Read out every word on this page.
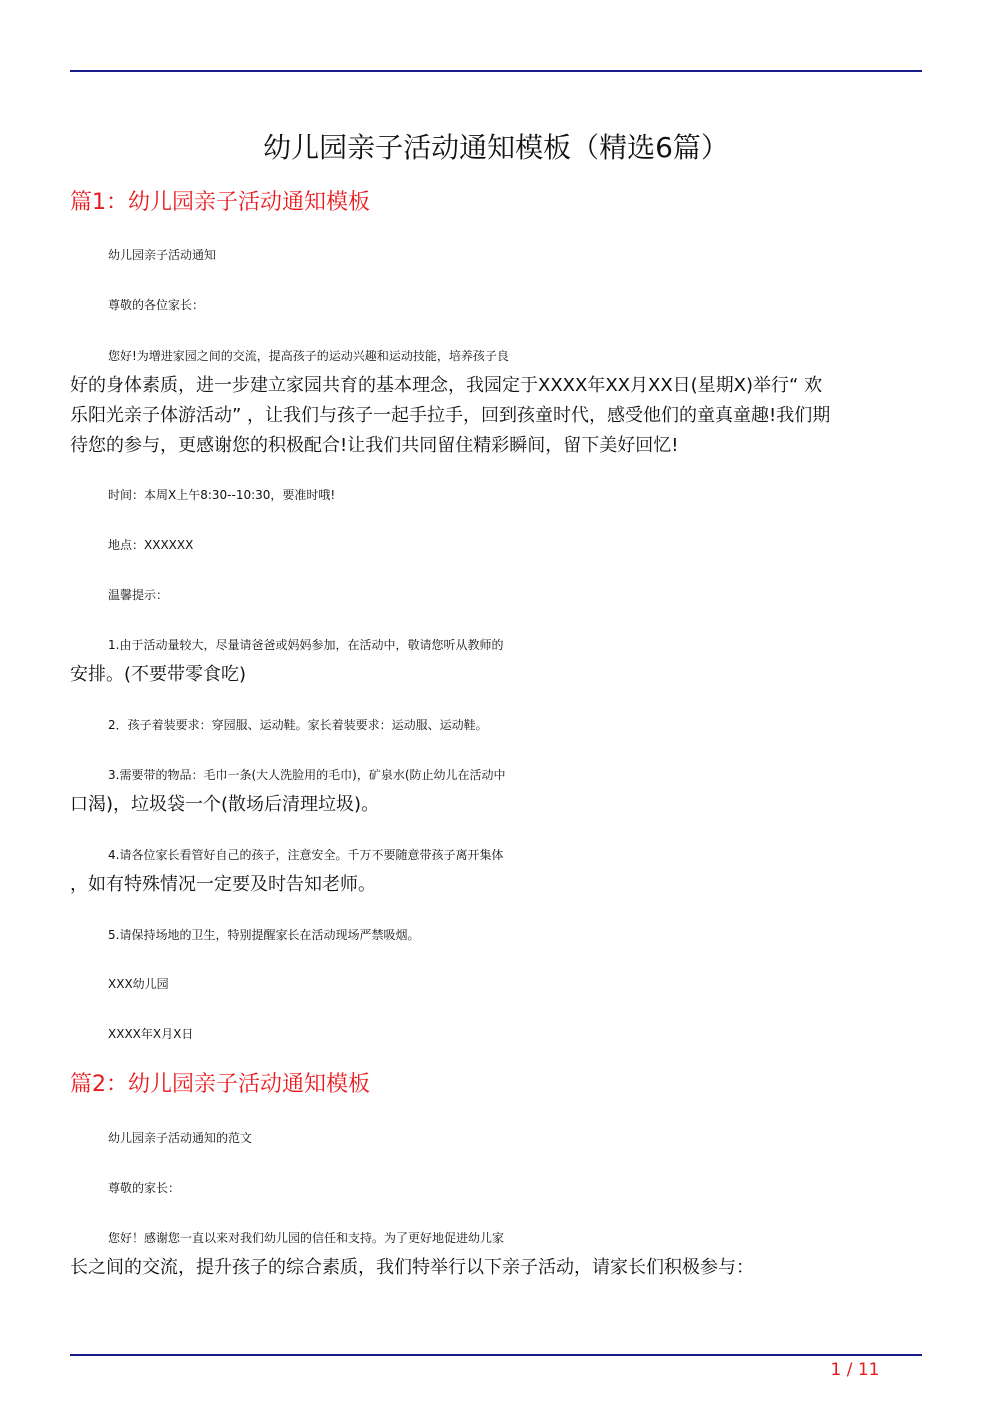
幼儿园亲子活动通知模板（精选6篇）
篇1：幼儿园亲子活动通知模板
幼儿园亲子活动通知
尊敬的各位家长：
您好!为增进家园之间的交流，提高孩子的运动兴趣和运动技能，培养孩子良
好的身体素质，进一步建立家园共育的基本理念，我园定于XXXX年XX月XX日(星期X)举行“ 欢
乐阳光亲子体游活动” ，让我们与孩子一起手拉手，回到孩童时代，感受他们的童真童趣!我们期
待您的参与，更感谢您的积极配合!让我们共同留住精彩瞬间，留下美好回忆!
时间：本周X上午8:30--10:30，要准时哦!
地点：XXXXXX
温馨提示：
1.由于活动量较大，尽量请爸爸或妈妈参加，在活动中，敬请您听从教师的
安排。(不要带零食吃)
2．孩子着装要求：穿园服、运动鞋。家长着装要求：运动服、运动鞋。
3.需要带的物品：毛巾一条(大人洗脸用的毛巾)，矿泉水(防止幼儿在活动中
口渴)，垃圾袋一个(散场后清理垃圾)。
4.请各位家长看管好自己的孩子，注意安全。千万不要随意带孩子离开集体
，如有特殊情况一定要及时告知老师。
5.请保持场地的卫生，特别提醒家长在活动现场严禁吸烟。
XXX幼儿园
XXXX年X月X日
篇2：幼儿园亲子活动通知模板
幼儿园亲子活动通知的范文
尊敬的家长：
您好！感谢您一直以来对我们幼儿园的信任和支持。为了更好地促进幼儿家
长之间的交流，提升孩子的综合素质，我们特举行以下亲子活动，请家长们积极参与：
1 / 11
